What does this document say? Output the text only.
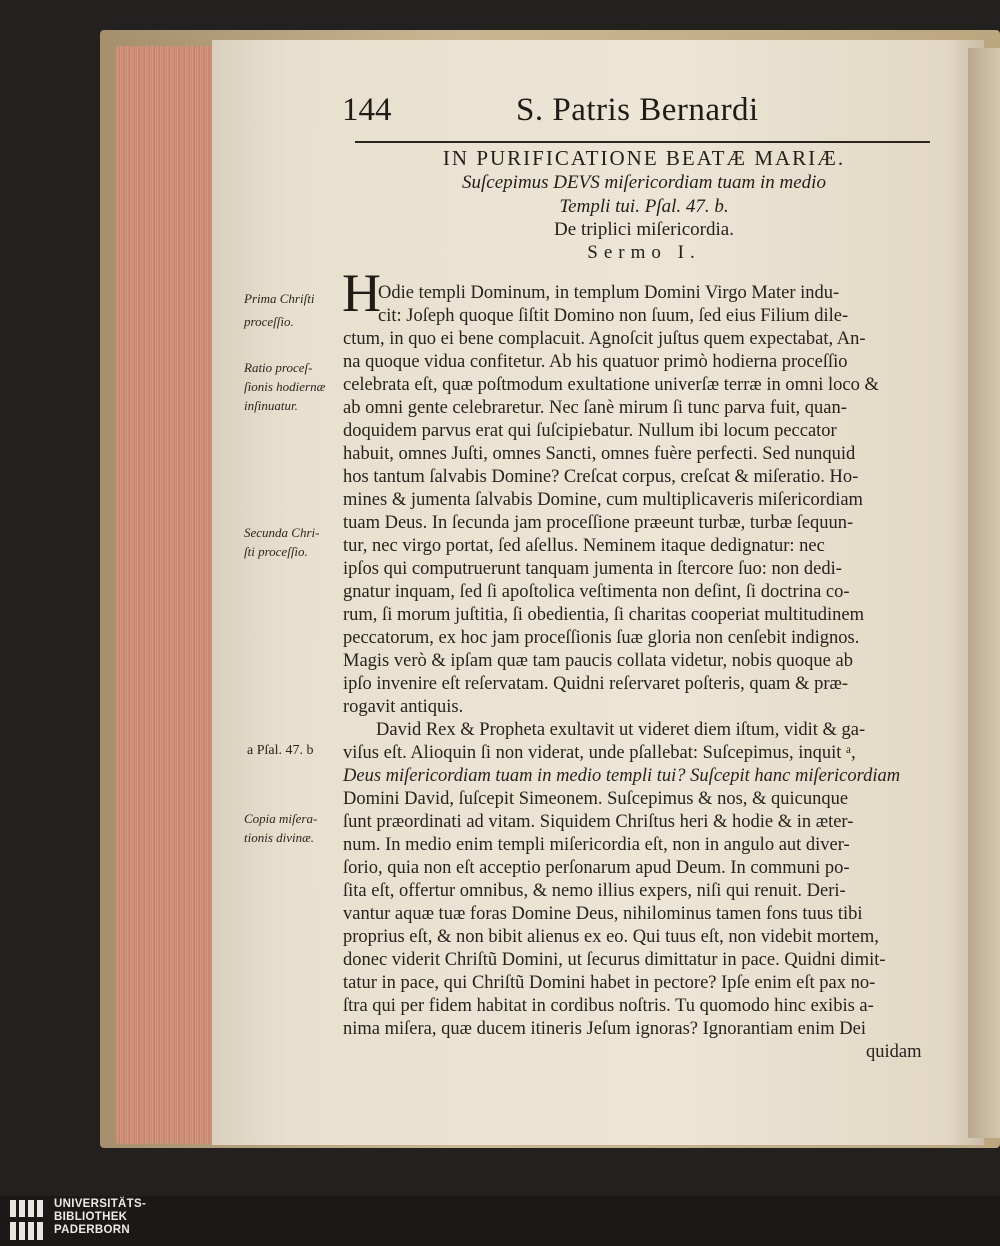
144	S. Patris Bernardi
IN PURIFICATIONE BEATÆ MARIÆ.
Suſcepimus DEVS miſericordiam tuam in medio
Templi tui. Pſal. 47. b.
De triplici miſericordia.
Sermo I.
H
Odie templi Dominum, in templum Domini Virgo Mater indu-
cit: Joſeph quoque ſiſtit Domino non ſuum, ſed eius Filium dile-
ctum, in quo ei bene complacuit. Agnoſcit juſtus quem expectabat, An-
na quoque vidua confitetur. Ab his quatuor primò hodierna proceſſio
celebrata eſt, quæ poſtmodum exultatione univerſæ terræ in omni loco &
ab omni gente celebraretur. Nec ſanè mirum ſi tunc parva fuit, quan-
doquidem parvus erat qui ſuſcipiebatur. Nullum ibi locum peccator
habuit, omnes Juſti, omnes Sancti, omnes fuère perfecti. Sed nunquid
hos tantum ſalvabis Domine? Creſcat corpus, creſcat & miſeratio. Ho-
mines & jumenta ſalvabis Domine, cum multiplicaveris miſericordiam
tuam Deus. In ſecunda jam proceſſione præeunt turbæ, turbæ ſequun-
tur, nec virgo portat, ſed aſellus. Neminem itaque dedignatur: nec
ipſos qui computruerunt tanquam jumenta in ſtercore ſuo: non dedi-
gnatur inquam, ſed ſi apoſtolica veſtimenta non deſint, ſi doctrina co-
rum, ſi morum juſtitia, ſi obedientia, ſi charitas cooperiat multitudinem
peccatorum, ex hoc jam proceſſionis ſuæ gloria non cenſebit indignos.
Magis verò & ipſam quæ tam paucis collata videtur, nobis quoque ab
ipſo invenire eſt reſervatam. Quidni reſervaret poſteris, quam & præ-
rogavit antiquis.
David Rex & Propheta exultavit ut videret diem iſtum, vidit & ga-
viſus eſt. Alioquin ſi non viderat, unde pſallebat: Suſcepimus, inquit ᵃ,
Deus miſericordiam tuam in medio templi tui? Suſcepit hanc miſericordiam
Domini David, ſuſcepit Simeonem. Suſcepimus & nos, & quicunque
ſunt præordinati ad vitam. Siquidem Chriſtus heri & hodie & in æter-
num. In medio enim templi miſericordia eſt, non in angulo aut diver-
ſorio, quia non eſt acceptio perſonarum apud Deum. In communi po-
ſita eſt, offertur omnibus, & nemo illius expers, niſi qui renuit. Deri-
vantur aquæ tuæ foras Domine Deus, nihilominus tamen fons tuus tibi
proprius eſt, & non bibit alienus ex eo. Qui tuus eſt, non videbit mortem,
donec viderit Chriſtũ Domini, ut ſecurus dimittatur in pace. Quidni dimit-
tatur in pace, qui Chriſtũ Domini habet in pectore? Ipſe enim eſt pax no-
ſtra qui per fidem habitat in cordibus noſtris. Tu quomodo hinc exibis a-
nima miſera, quæ ducem itineris Jeſum ignoras? Ignorantiam enim Dei
quidam
Prima Chriſti
proceſſio.
Ratio proceſ-
ſionis hodiernæ
inſinuatur.
Secunda Chri-
ſti proceſſio.
a Pſal. 47. b
Copia miſera-
tionis divinæ.
UNIVERSITÄTS-
BIBLIOTHEK
PADERBORN
